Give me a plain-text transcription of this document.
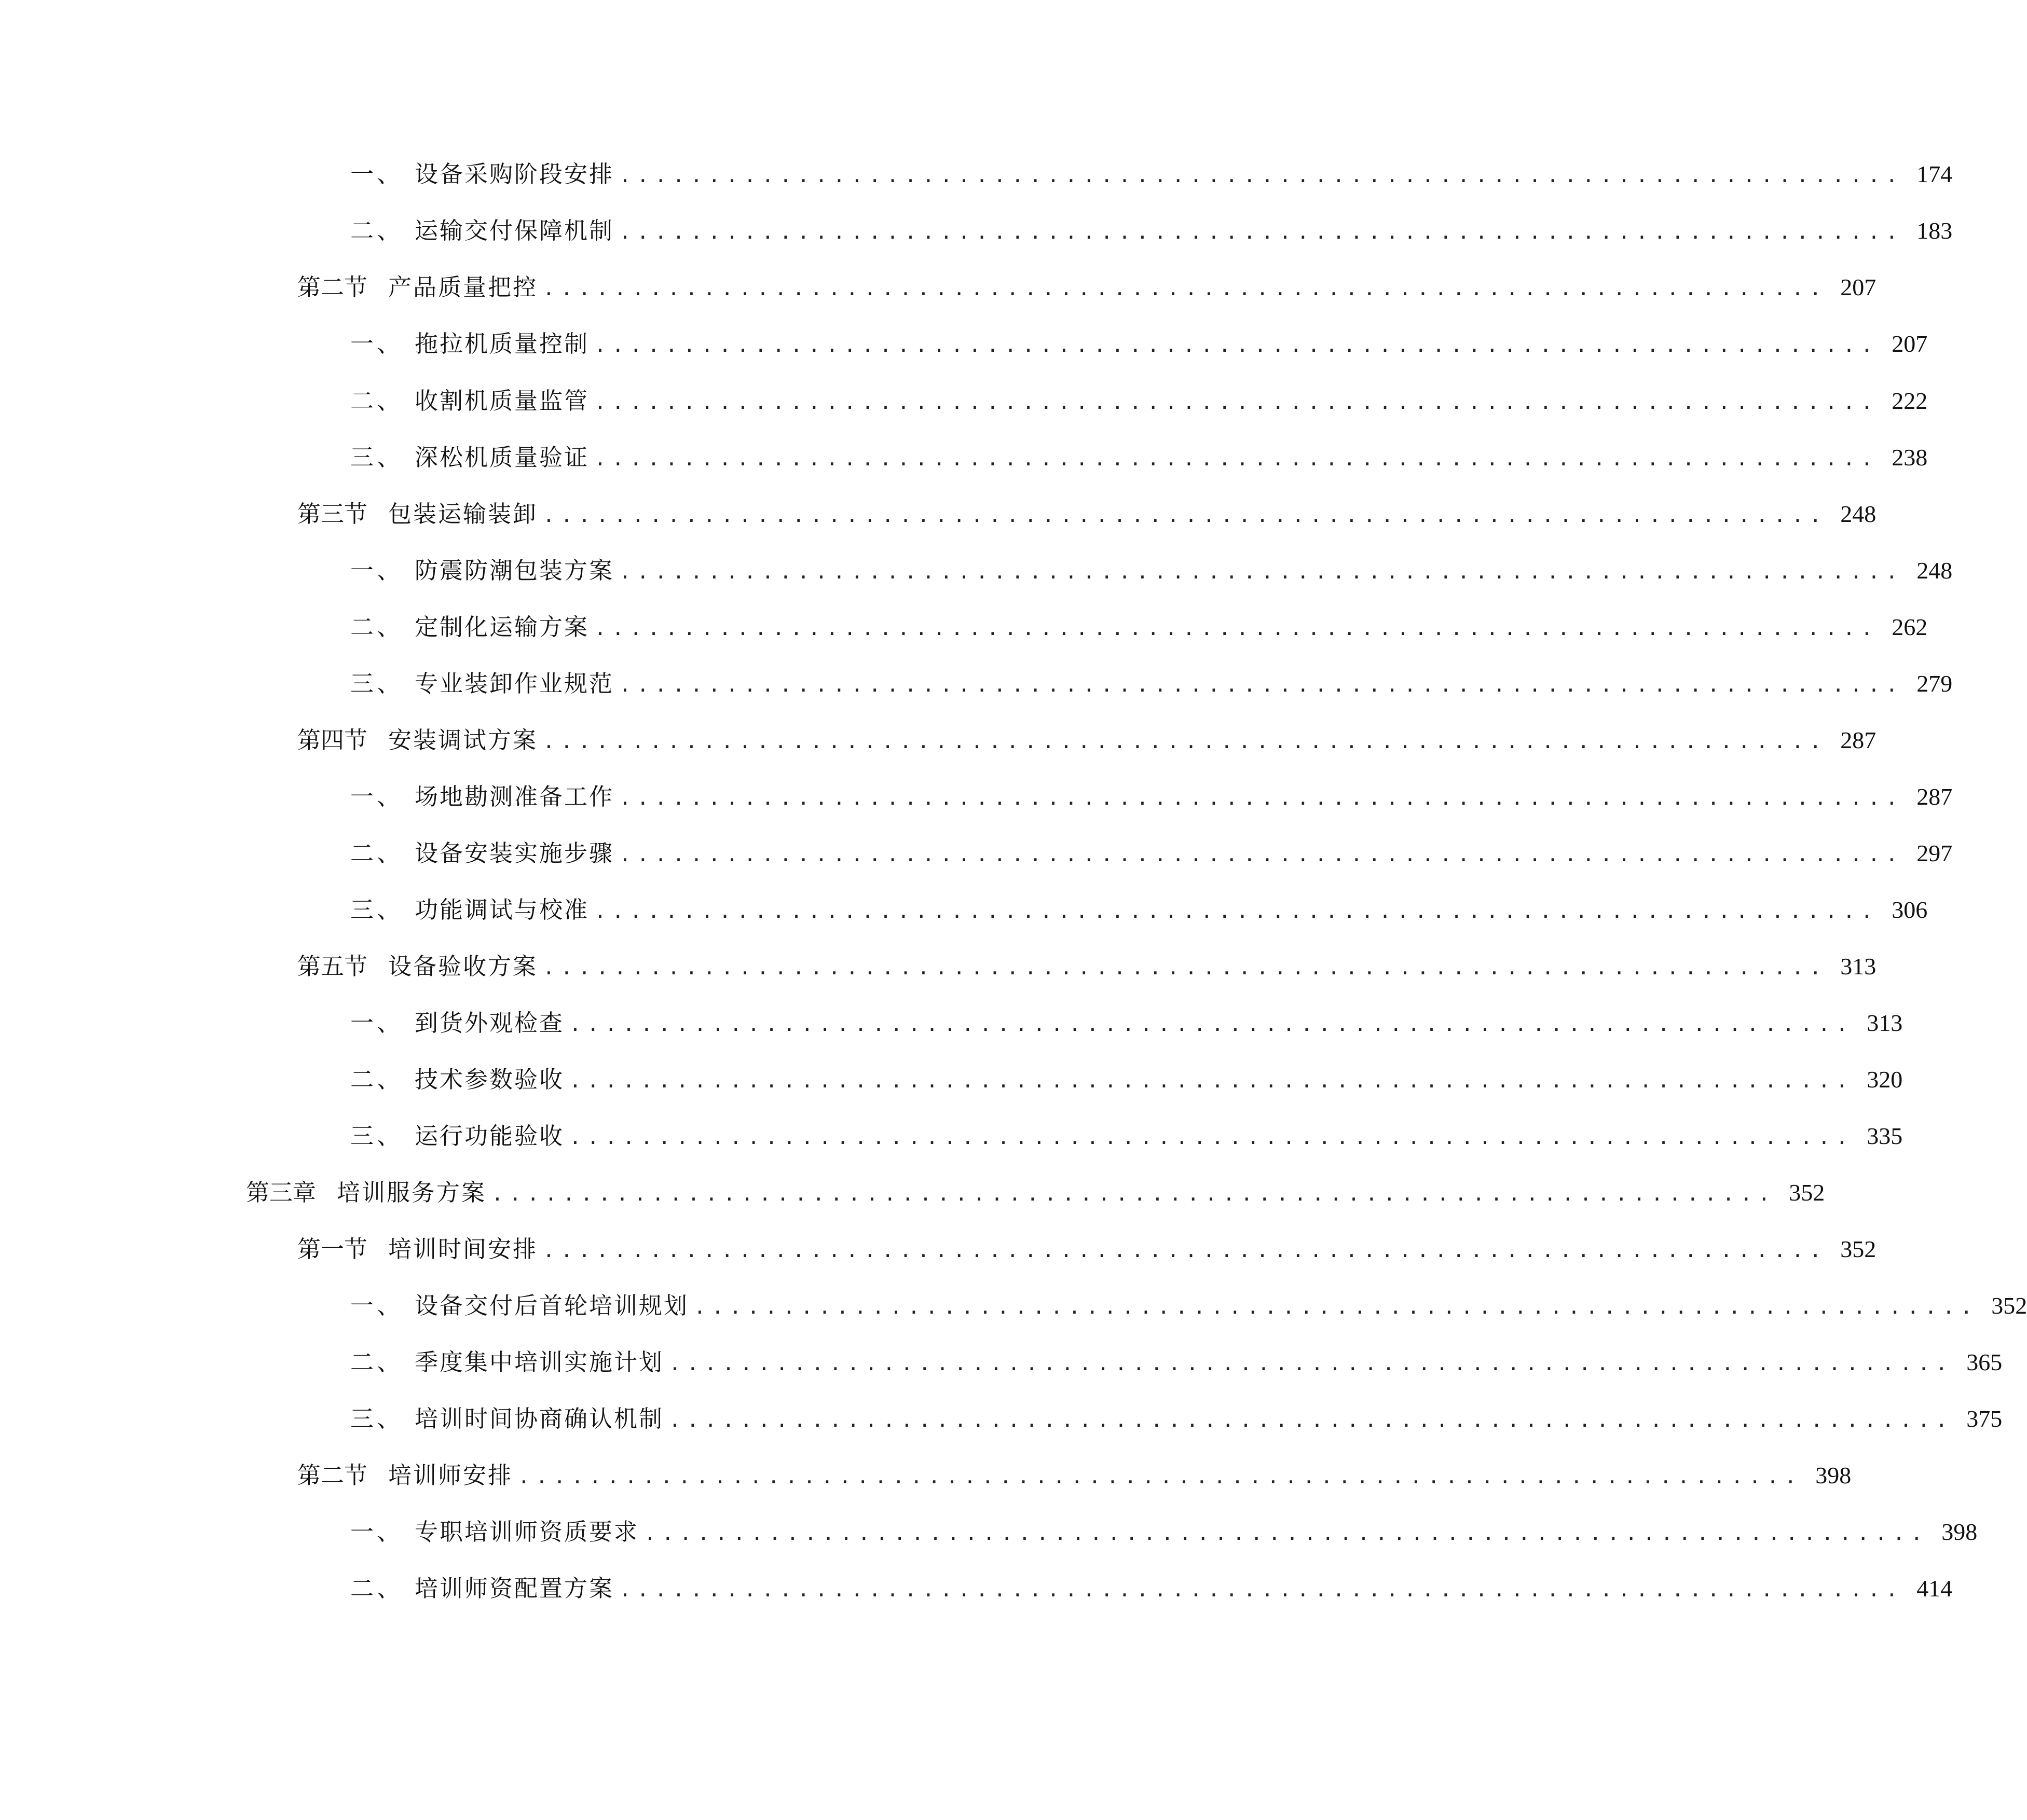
一、 设备采购阶段安排 ........................................................................ 174
二、 运输交付保障机制 ........................................................................ 183
第二节 产品质量把控 ........................................................................ 207
一、 拖拉机质量控制 ........................................................................ 207
二、 收割机质量监管 ........................................................................ 222
三、 深松机质量验证 ........................................................................ 238
第三节 包装运输装卸 ........................................................................ 248
一、 防震防潮包装方案 ........................................................................ 248
二、 定制化运输方案 ........................................................................ 262
三、 专业装卸作业规范 ........................................................................ 279
第四节 安装调试方案 ........................................................................ 287
一、 场地勘测准备工作 ........................................................................ 287
二、 设备安装实施步骤 ........................................................................ 297
三、 功能调试与校准 ........................................................................ 306
第五节 设备验收方案 ........................................................................ 313
一、 到货外观检查 ........................................................................ 313
二、 技术参数验收 ........................................................................ 320
三、 运行功能验收 ........................................................................ 335
第三章 培训服务方案 ........................................................................ 352
第一节 培训时间安排 ........................................................................ 352
一、 设备交付后首轮培训规划 ........................................................................ 352
二、 季度集中培训实施计划 ........................................................................ 365
三、 培训时间协商确认机制 ........................................................................ 375
第二节 培训师安排 ........................................................................ 398
一、 专职培训师资质要求 ........................................................................ 398
二、 培训师资配置方案 ........................................................................ 414
